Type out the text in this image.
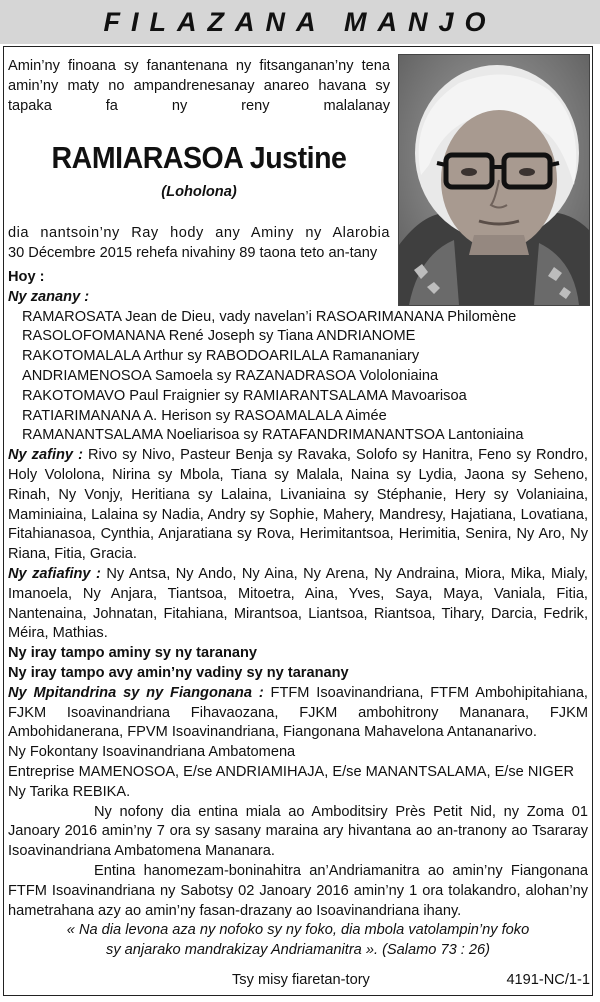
FILAZANA MANJO
Amin’ny finoana sy fanantenana ny fitsanganan’ny tena amin’ny maty no ampandrenesanay anareo havana sy tapaka fa ny reny malalanay
RAMIARASOA Justine
(Loholona)
dia nantsoin’ny Ray hody any Aminy ny Alarobia
30 Décembre 2015 rehefa nivahiny 89 taona teto an-tany

Hoy :

Ny zanany :

RAMAROSATA Jean de Dieu, vady navelan’i RASOARIMANANA Philomène

RASOLOFOMANANA René Joseph sy Tiana ANDRIANOME

RAKOTOMALALA Arthur sy RABODOARILALA Ramananiary

ANDRIAMENOSOA Samoela sy RAZANADRASOA Vololoniaina

RAKOTOMAVO Paul Fraignier sy RAMIARANTSALAMA Mavoarisoa

RATIARIMANANA A. Herison sy RASOAMALALA Aimée

RAMANANTSALAMA Noeliarisoa sy RATAFANDRIMANANTSOA Lantoniaina

Ny zafiny : Rivo sy Nivo, Pasteur Benja sy Ravaka, Solofo sy Hanitra, Feno sy Rondro, Holy Vololona, Nirina sy Mbola, Tiana sy Malala, Naina sy Lydia, Jaona sy Seheno, Rinah, Ny Vonjy, Heritiana sy Lalaina, Livaniaina sy Stéphanie, Hery sy Volaniaina, Maminiaina, Lalaina sy Nadia, Andry sy Sophie, Mahery, Mandresy, Hajatiana, Lovatiana, Fitahianasoa, Cynthia, Anjaratiana sy Rova, Herimitantsoa, Herimitia, Senira, Ny Aro, Ny Riana, Fitia, Gracia.

Ny zafiafiny : Ny Antsa, Ny Ando, Ny Aina, Ny Arena, Ny Andraina, Miora, Mika, Mialy, Imanoela, Ny Anjara, Tiantsoa, Mitoetra, Aina, Yves, Saya, Maya, Vaniala, Fitia, Nantenaina, Johnatan, Fitahiana, Mirantsoa, Liantsoa, Riantsoa, Tihary, Darcia, Fedrik, Méira, Mathias.

Ny iray tampo aminy sy ny taranany

Ny iray tampo avy amin’ny vadiny sy ny taranany

Ny Mpitandrina sy ny Fiangonana : FTFM Isoavinandriana, FTFM Ambohipitahiana, FJKM Isoavinandriana Fihavaozana, FJKM ambohitrony Mananara, FJKM Ambohidanerana, FPVM Isoavinandriana, Fiangonana Mahavelona Antananarivo.

Ny Fokontany Isoavinandriana Ambatomena

Entreprise MAMENOSOA, E/se ANDRIAMIHAJA, E/se MANANTSALAMA, E/se NIGER

Ny Tarika REBIKA.

Ny nofony dia entina miala ao Amboditsiry Près Petit Nid, ny Zoma 01 Janoary 2016 amin’ny 7 ora sy sasany maraina ary hivantana ao an-tranony ao Tsararay Isoavinandriana Ambatomena Mananara.

Entina hanomezam-boninahitra an’Andriamanitra ao amin’ny Fiangonana FTFM Isoavinandriana ny Sabotsy 02 Janoary 2016 amin’ny 1 ora tolakandro, alohan’ny hametrahana azy ao amin’ny fasan-drazany ao Isoavinandriana ihany.

« Na dia levona aza ny nofoko sy ny foko, dia mbola vatolampin’ny foko

sy anjarako mandrakizay Andriamanitra ». (Salamo 73 : 26)

Tsy misy fiaretan-tory	4191-NC/1-1
